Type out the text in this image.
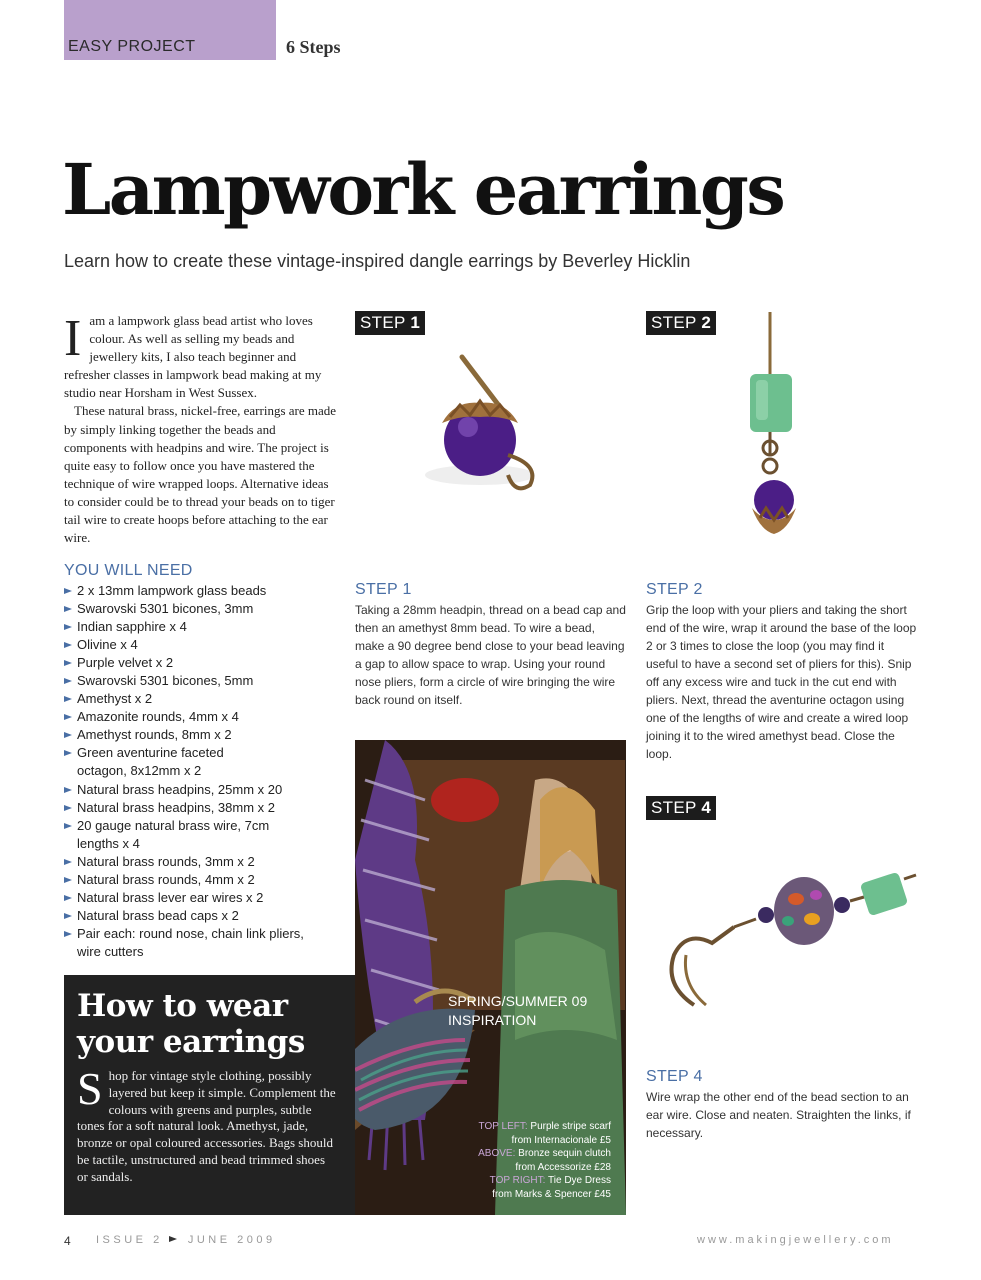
EASY PROJECT	6 Steps
Lampwork earrings
Learn how to create these vintage-inspired dangle earrings by Beverley Hicklin

Iam a lampwork glass bead artist who loves colour. As well as selling my beads and jewellery kits, I also teach beginner and refresher classes in lampwork bead making at my studio near Horsham in West Sussex.

These natural brass, nickel-free, earrings are made by simply linking together the beads and components with headpins and wire. The project is quite easy to follow once you have mastered the technique of wire wrapped loops. Alternative ideas to consider could be to thread your beads on to tiger tail wire to create hoops before attaching to the ear wire.

YOU WILL NEED
2 x 13mm lampwork glass beads
Swarovski 5301 bicones, 3mm
Indian sapphire x 4
Olivine x 4
Purple velvet x 2
Swarovski 5301 bicones, 5mm
Amethyst x 2
Amazonite rounds, 4mm x 4
Amethyst rounds, 8mm x 2
Green aventurine faceted octagon, 8x12mm x 2
Natural brass headpins, 25mm x 20
Natural brass headpins, 38mm x 2
20 gauge natural brass wire, 7cm lengths x 4
Natural brass rounds, 3mm x 2
Natural brass rounds, 4mm x 2
Natural brass lever ear wires x 2
Natural brass bead caps x 2
Pair each: round nose, chain link pliers, wire cutters
STEP 1
STEP 1
Taking a 28mm headpin, thread on a bead cap and then an amethyst 8mm bead. To wire a bead, make a 90 degree bend close to your bead leaving a gap to allow space to wrap. Using your round nose pliers, form a circle of wire bringing the wire back round on itself.
STEP 2
STEP 2
Grip the loop with your pliers and taking the short end of the wire, wrap it around the base of the loop 2 or 3 times to close the loop (you may find it useful to have a second set of pliers for this). Snip off any excess wire and tuck in the cut end with pliers. Next, thread the aventurine octagon using one of the lengths of wire and create a wired loop joining it to the wired amethyst bead. Close the loop.
STEP 4
STEP 4
Wire wrap the other end of the bead section to an ear wire. Close and neaten. Straighten the links, if necessary.
How to wear
your earrings
Shop for vintage style clothing, possibly layered but keep it simple. Complement the colours with greens and purples, subtle tones for a soft natural look. Amethyst, jade, bronze or opal coloured accessories. Bags should be tactile, unstructured and bead trimmed shoes or sandals.
SPRING/SUMMER 09
INSPIRATION
TOP LEFT: Purple stripe scarf
from Internacionale £5
ABOVE: Bronze sequin clutch
from Accessorize £28
TOP RIGHT: Tie Dye Dress
from Marks & Spencer £45
4 ISSUE 2 JUNE 2009	www.makingjewellery.com
